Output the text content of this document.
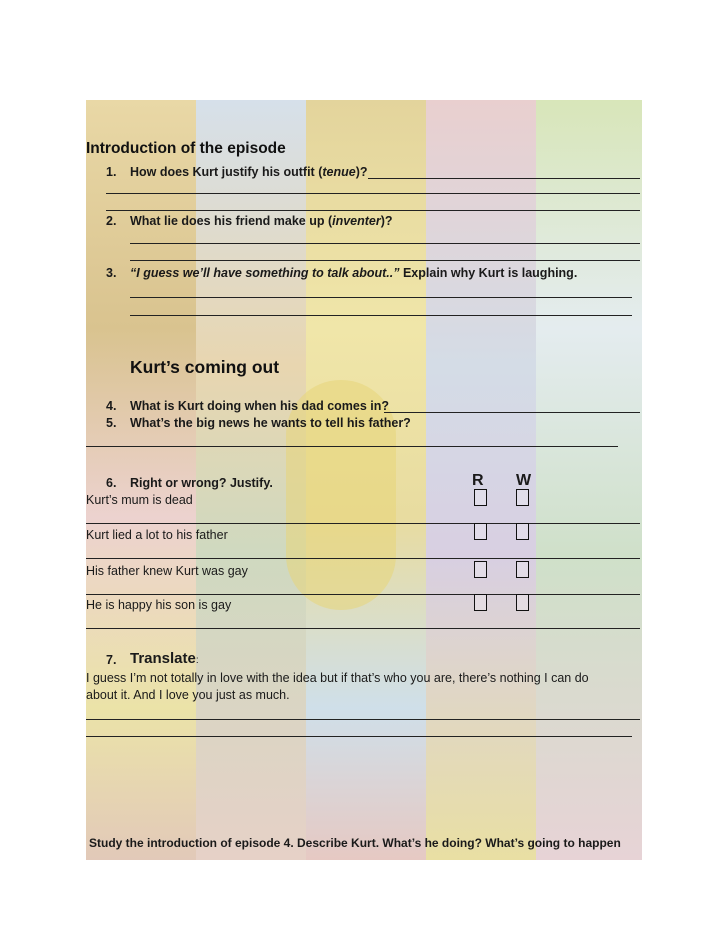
Introduction of the episode
1. How does Kurt justify his outfit (tenue)?
2. What lie does his friend make up (inventer)?
3. “I guess we’ll have something to talk about..” Explain why Kurt is laughing.
Kurt’s coming out
4. What is Kurt doing when his dad comes in?
5. What’s the big news he wants to tell his father?
6. Right or wrong? Justify.	R W
Kurt’s mum is dead
Kurt lied a lot to his father
His father knew Kurt was gay
He is happy his son is gay
7. Translate:
I guess I’m not totally in love with the idea but if that’s who you are, there’s nothing I can do
about it. And I love you just as much.
Study the introduction of episode 4. Describe Kurt. What’s he doing? What’s going to happen
